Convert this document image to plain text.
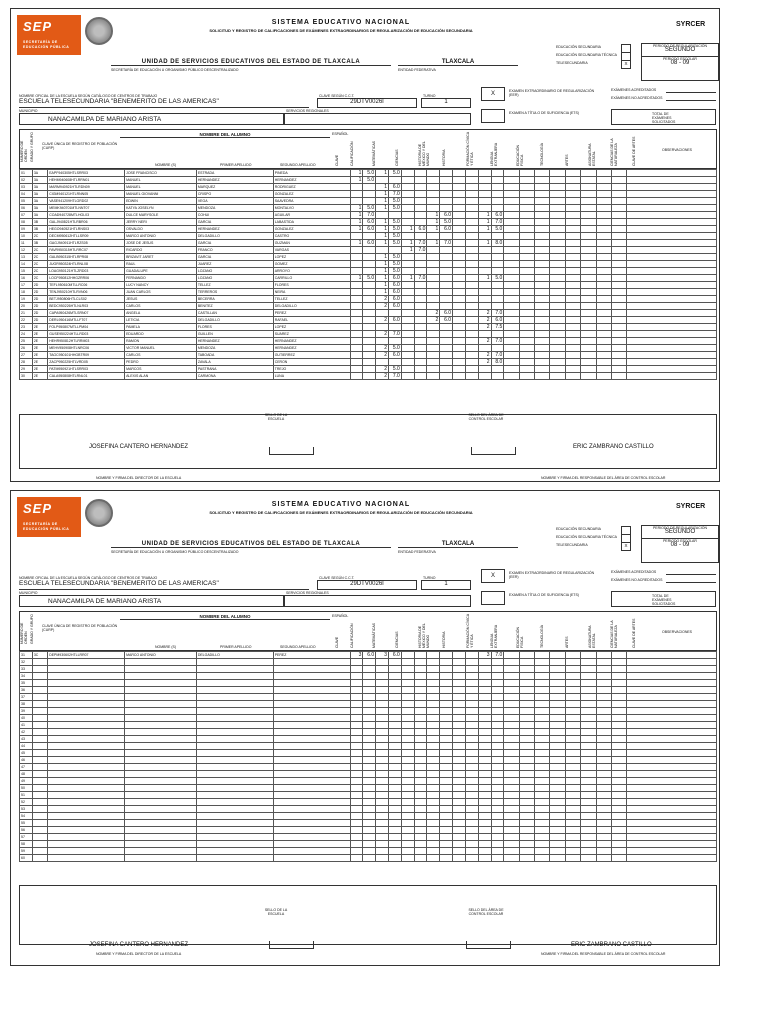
SEP
SECRETARÍA DE EDUCACIÓN PÚBLICA
SISTEMA EDUCATIVO NACIONAL
SOLICITUD Y REGISTRO DE CALIFICACIONES DE EXÁMENES EXTRAORDINARIOS DE REGULARIZACIÓN DE EDUCACIÓN SECUNDARIA
SYRCER
EDUCACIÓN SECUNDARIA
EDUCACIÓN SECUNDARIA TÉCNICA
TELESECUNDARIA	X
PERIODO DE REGULARIZACIÓN
SEGUNDO
PERIODO ESCOLAR
08 - 09
UNIDAD DE SERVICIOS EDUCATIVOS DEL ESTADO DE TLAXCALA
SECRETARÍA DE EDUCACIÓN U ORGANISMO PÚBLICO DESCENTRALIZADO
TLAXCALA
ENTIDAD FEDERATIVA
NOMBRE OFICIAL DE LA ESCUELA SEGÚN CATÁLOGO DE CENTROS DE TRABAJO
ESCUELA TELESECUNDARIA "BENEMERITO DE LAS AMERICAS"
CLAVE SEGÚN C.C.T.
29DTV0026I
TURNO
1
MUNICIPIO
NANACAMILPA DE MARIANO ARISTA
SERVICIOS REGIONALES
X	EXAMEN EXTRAORDINARIO DE REGULARIZACIÓN (EER)
EXAMEN A TÍTULO DE SUFICIENCIA (ETS)
EXÁMENES ACREDITADOS
EXÁMENES NO ACREDITADOS
TOTAL DE EXÁMENES SOLICITADOS
NÚMERO DE ORDEN GRADO Y GRUPO CLAVE ÚNICA DE REGISTRO DE POBLACIÓN (CURP)
NOMBRE DEL ALUMNO
NOMBRE (S)	PRIMER APELLIDO	SEGUNDO APELLIDO
ESPAÑOL
CLAVE	CALIFICACIÓN	MATEMÁTICAS	CIENCIAS	HISTORIA DE MÉXICO Y DEL MUNDO	HISTORIA	FORMACIÓN CÍVICA Y ÉTICA	LENGUA EXTRANJERA	EDUCACIÓN FÍSICA	TECNOLOGÍA	ARTES	ASIGNATURA ESTATAL	CIENCIAS DE LA NATURALEZA	CLAVE DE ARTES	OBSERVACIONES
01	3A	EAPF940305HTLSRR03	JOSE FRANCISCO	ESTRADA	PINEDA	1	5.0	1	5.0																	
02	3A	HEHM940608HTLRRN01	MANUEL	HERNANDEZ	HERNANDEZ	1	5.0																			
03	3A	MARM940921HTLRDN09	MANUEL	MARQUEZ	RODRIGUEZ			1	6.0																	
04	3A	CIGM940121HTLRNN05	MANUEL GIOVANNI	CRISPO	GONZALEZ			1	7.0																	
05	3A	VASE941209HTLGRD02	EDWIN	VEGA	SAAVEDRA			1	5.0																	
06	3A	MEMK940701MTLNNT07	KATYA JOSELYN	MENDOZA	MONTALVO	1	5.0	1	5.0																	
07	3A	COAD940728MTLHGL03	DULCE MARYSOLE	COHUI	AGUILAR	1	7.0					1	6.0			1	6.0									
08	3B	GALJ940821HTLRBR06	JERRY NERI	GARCIA	LABASTIDA	1	6.0	1	5.0			1	5.0			1	7.0									
09	3B	HEGO940521HTLRNS03	OSVALDO	HERNANDEZ	GONZALEZ	1	6.0	1	5.0	1	6.0	1	6.0			1	5.0									
10	2C	DECM950612HTLLSR09	MARCO ANTONIO	DELGADILLO	CASTRO			1	5.0																	
11	3B	GAGJ940911HTLRZS05	JOSE DE JESUS	GARCIA	GUZMAN	1	6.0	1	5.0	1	7.0	1	7.0			1	8.0									
12	2C	FAVR950315HTLRRC07	RICARDO	FRANCO	VARGAS					1	7.0															
13	2C	GALB950315HTLRPR08	BRIZAVIT JARET	GARCIA	LOPEZ			1	5.0																	
14	2C	JUGR950324HTLRNL08	RAUL	JUAREZ	GOMEZ			1	5.0																	
15	2C	LOAG950121HTLZRD03	GUADALUPE	LOZANO	ARROYO			1	5.0																	
16	2C	LOCF950812HHGZRR06	FERNANDO	LOZANO	CARRILLO	1	5.0	1	6.0	1	7.0					1	5.0									
17	2D	TEFL950610MTLLRC06	LUCY NANCY	TELLEZ	FLORES			1	6.0																	
18	2D	TENJ950210HTLRVN06	JUAN CARLOS	TERREROS	NEIRA			1	6.0																	
19	2D	BETJ950806HTLCLS02	JESUS	BECERRA	TELLEZ			2	6.0																	
20	2D	BEDC950226HTLNLR03	CARLOS	BENITEZ	DELGADILLO			2	6.0																	
21	2D	CAPA950426MTLSRN07	ANGELA	CASTILLAN	PEREZ							2	6.0			2	7.0									
22	2D	DERL950416MTLLFT07	LETICIA	DELGADILLO	RAFAEL			2	6.0			2	6.0			2	6.0									
23	2E	FOLP950807MTLLPM04	PAMELA	FLORES	LOPEZ											2	7.5									
24	2E	GUSE950224HTLLRD03	EDUARDO	GUILLEN	SUAREZ			2	7.0																	
25	2E	HEHR950812HTLRRM03	RAMON	HERNANDEZ	HERNANDEZ											2	7.0									
26	2E	MEHV950908HTLNRC06	VICTOR MANUEL	MENDOZA	HERNANDEZ			2	5.0																	
27	2E	TAGC950101HHGBTR09	CARLOS	TABOADA	GUTIERREZ			2	6.0							2	7.0									
28	2E	ZACP950225HTLVRD05	PEDRO	ZAVALA	CERON											2	8.0									
29	2E	PATM950921HTLSRR03	MARCOS	PASTRANA	TREJO			2	5.0																	
30	2E	CALA950808HTLRNL01	ALEXIS ALAN	CARMONA	LUNA			2	7.0																	
JOSEFINA CANTERO HERNANDEZ
SELLO DE LA ESCUELA
SELLO DEL ÁREA DE CONTROL ESCOLAR
ERIC ZAMBRANO CASTILLO
NOMBRE Y FIRMA DEL DIRECTOR DE LA ESCUELA	NOMBRE Y FIRMA DEL RESPONSABLE DEL ÁREA DE CONTROL ESCOLAR
SEP
SECRETARÍA DE EDUCACIÓN PÚBLICA
SISTEMA EDUCATIVO NACIONAL
SOLICITUD Y REGISTRO DE CALIFICACIONES DE EXÁMENES EXTRAORDINARIOS DE REGULARIZACIÓN DE EDUCACIÓN SECUNDARIA
SYRCER
EDUCACIÓN SECUNDARIA
EDUCACIÓN SECUNDARIA TÉCNICA
TELESECUNDARIA	X
PERIODO DE REGULARIZACIÓN
SEGUNDO
PERIODO ESCOLAR
08 - 09
UNIDAD DE SERVICIOS EDUCATIVOS DEL ESTADO DE TLAXCALA
SECRETARÍA DE EDUCACIÓN U ORGANISMO PÚBLICO DESCENTRALIZADO
TLAXCALA
ENTIDAD FEDERATIVA
NOMBRE OFICIAL DE LA ESCUELA SEGÚN CATÁLOGO DE CENTROS DE TRABAJO
ESCUELA TELESECUNDARIA "BENEMERITO DE LAS AMERICAS"
CLAVE SEGÚN C.C.T.
29DTV0026I
TURNO
1
MUNICIPIO
NANACAMILPA DE MARIANO ARISTA
SERVICIOS REGIONALES
X	EXAMEN EXTRAORDINARIO DE REGULARIZACIÓN (EER)
EXAMEN A TÍTULO DE SUFICIENCIA (ETS)
EXÁMENES ACREDITADOS
EXÁMENES NO ACREDITADOS
TOTAL DE EXÁMENES SOLICITADOS
NÚMERO DE ORDEN GRADO Y GRUPO CLAVE ÚNICA DE REGISTRO DE POBLACIÓN (CURP)
NOMBRE DEL ALUMNO
NOMBRE (S)	PRIMER APELLIDO	SEGUNDO APELLIDO
ESPAÑOL
CLAVE	CALIFICACIÓN	MATEMÁTICAS	CIENCIAS	HISTORIA DE MÉXICO Y DEL MUNDO	HISTORIA	FORMACIÓN CÍVICA Y ÉTICA	LENGUA EXTRANJERA	EDUCACIÓN FÍSICA	TECNOLOGÍA	ARTES	ASIGNATURA ESTATAL	CIENCIAS DE LA NATURALEZA	CLAVE DE ARTES	OBSERVACIONES
31	3C	DEPM930602HTLLRR07	MARCO ANTONIO	DELGADILLO	PEREZ	3	6.0	3	6.0							3	7.0									
32																										
33																										
34																										
35																										
36																										
37																										
38																										
39																										
40																										
41																										
42																										
43																										
44																										
45																										
46																										
47																										
48																										
49																										
50																										
51																										
52																										
53																										
54																										
55																										
56																										
57																										
58																										
59																										
60																										
SELLO DE LA ESCUELA
SELLO DEL ÁREA DE CONTROL ESCOLAR
JOSEFINA CANTERO HERNANDEZ	ERIC ZAMBRANO CASTILLO
NOMBRE Y FIRMA DEL DIRECTOR DE LA ESCUELA	NOMBRE Y FIRMA DEL RESPONSABLE DEL ÁREA DE CONTROL ESCOLAR
